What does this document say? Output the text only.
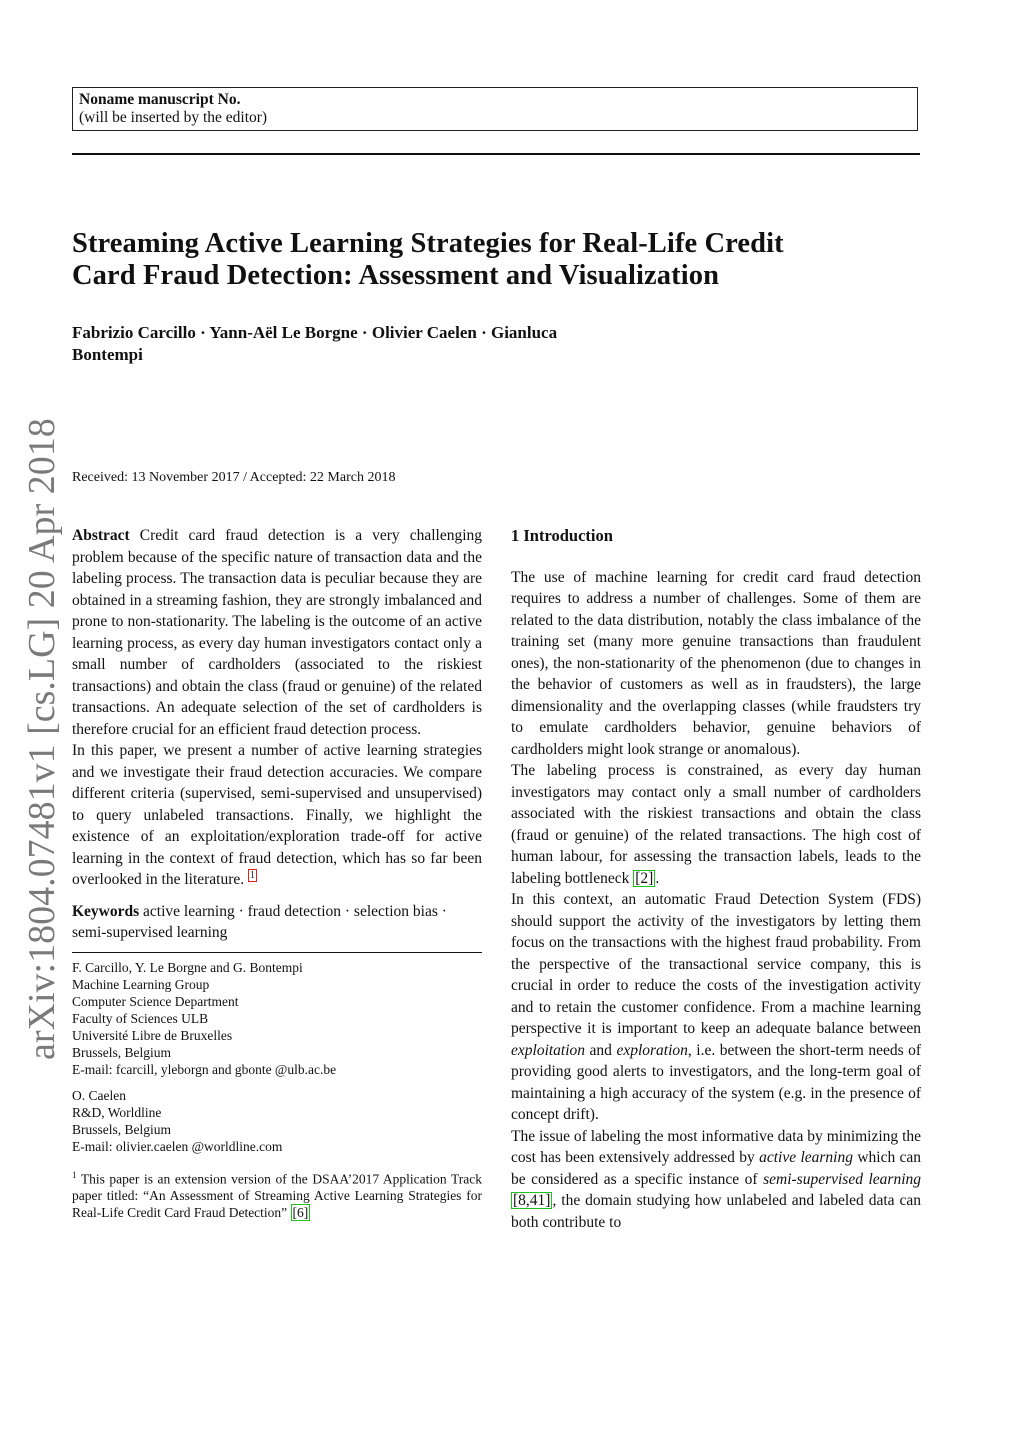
Noname manuscript No.
(will be inserted by the editor)
Streaming Active Learning Strategies for Real-Life Credit
Card Fraud Detection: Assessment and Visualization
Fabrizio Carcillo · Yann-Aël Le Borgne · Olivier Caelen · Gianluca
Bontempi
Received: 13 November 2017 / Accepted: 22 March 2018
arXiv:1804.07481v1 [cs.LG] 20 Apr 2018 Abstract Credit card fraud detection is a very challenging problem because of the specific nature of transaction data and the labeling process. The transaction data is peculiar because they are obtained in a streaming fashion, they are strongly imbalanced and prone to non-stationarity. The labeling is the outcome of an active learning process, as every day human investigators contact only a small number of cardholders (associated to the riskiest transactions) and obtain the class (fraud or genuine) of the related transactions. An adequate selection of the set of cardholders is therefore crucial for an efficient fraud detection process.

In this paper, we present a number of active learning strategies and we investigate their fraud detection accuracies. We compare different criteria (supervised, semi-supervised and unsupervised) to query unlabeled transactions. Finally, we highlight the existence of an exploitation/exploration trade-off for active learning in the context of fraud detection, which has so far been overlooked in the literature. $^1$

Keywords active learning · fraud detection · selection bias · semi-supervised learning

F. Carcillo, Y. Le Borgne and G. Bontempi
Machine Learning Group
Computer Science Department
Faculty of Sciences ULB
Université Libre de Bruxelles
Brussels, Belgium
E-mail: fcarcill, yleborgn and gbonte @ulb.ac.be
O. Caelen
R&D, Worldline
Brussels, Belgium
E-mail: olivier.caelen @worldline.com

$^1$ This paper is an extension version of the DSAA’2017 Application Track paper titled: “An Assessment of Streaming Active Learning Strategies for Real-Life Credit Card Fraud Detection” [6]

1 Introduction

The use of machine learning for credit card fraud detection requires to address a number of challenges. Some of them are related to the data distribution, notably the class imbalance of the training set (many more genuine transactions than fraudulent ones), the non-stationarity of the phenomenon (due to changes in the behavior of customers as well as in fraudsters), the large dimensionality and the overlapping classes (while fraudsters try to emulate cardholders behavior, genuine behaviors of cardholders might look strange or anomalous).

The labeling process is constrained, as every day human investigators may contact only a small number of cardholders associated with the riskiest transactions and obtain the class (fraud or genuine) of the related transactions. The high cost of human labour, for assessing the transaction labels, leads to the labeling bottleneck [2] .

In this context, an automatic Fraud Detection System (FDS) should support the activity of the investigators by letting them focus on the transactions with the highest fraud probability. From the perspective of the transactional service company, this is crucial in order to reduce the costs of the investigation activity and to retain the customer confidence. From a machine learning perspective it is important to keep an adequate balance between exploitation and exploration, i.e. between the short-term needs of providing good alerts to investigators, and the long-term goal of maintaining a high accuracy of the system (e.g. in the presence of concept drift).

The issue of labeling the most informative data by minimizing the cost has been extensively addressed by active learning which can be considered as a specific instance of semi-supervised learning [8,41] , the domain studying how unlabeled and labeled data can both contribute to
